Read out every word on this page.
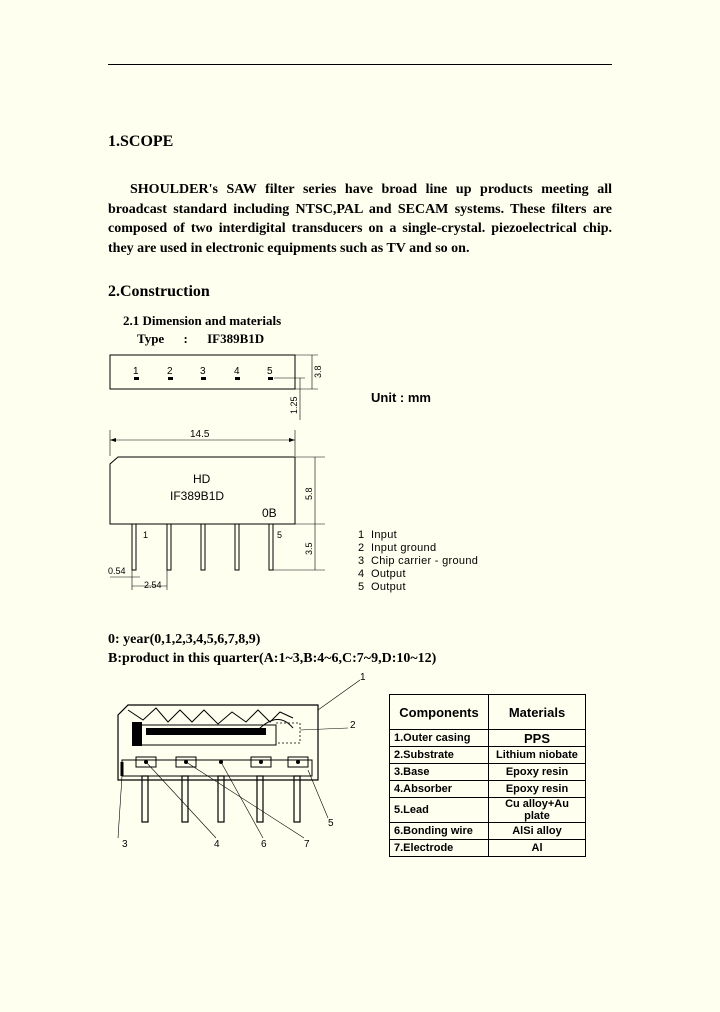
1.SCOPE

SHOULDER's SAW filter series have broad line up products meeting all broadcast standard including NTSC,PAL and SECAM systems. These filters are composed of two interdigital transducers on a single-crystal. piezoelectrical chip. they are used in electronic equipments such as TV and so on.

2.Construction
2.1 Dimension and materials
Type : IF389B1D
Unit : mm
1	2	3	4	5	3.8
1.25
14.5
HD
IF389B1D
0B
5.8
1	5
3.5
0.54
2.54
1 Input
2 Input ground
3 Chip carrier - ground
4 Output
5 Output
0: year(0,1,2,3,4,5,6,7,8,9)
B:product in this quarter(A:1~3,B:4~6,C:7~9,D:10~12)
1
2
3	4	6	7
5
Components	Materials
1.Outer casing	PPS
2.Substrate	Lithium niobate
3.Base	Epoxy resin
4.Absorber	Epoxy resin
5.Lead	Cu alloy+Au plate
6.Bonding wire	AlSi alloy
7.Electrode	Al
